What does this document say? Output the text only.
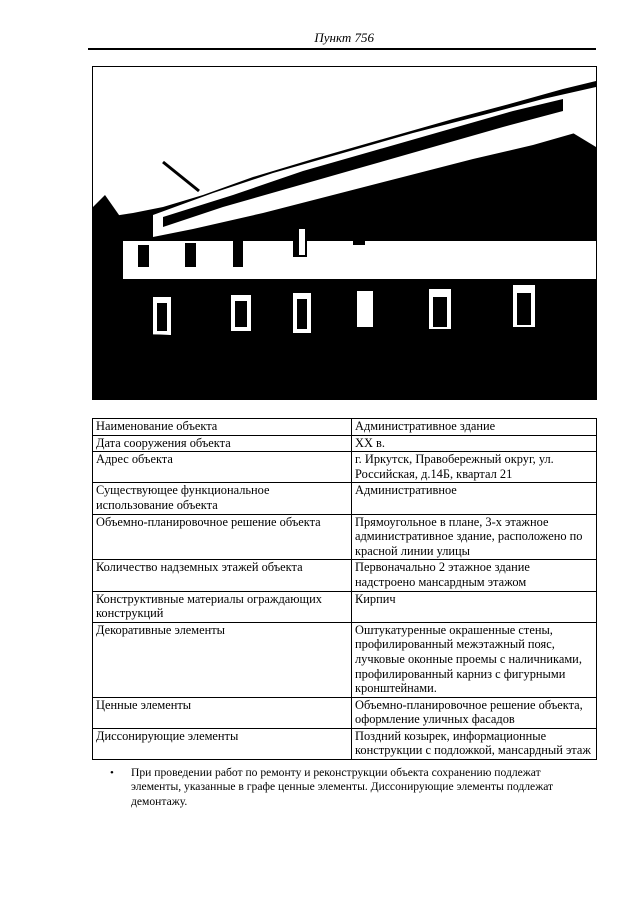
Пункт 756
Наименование объекта	Административное здание
Дата сооружения объекта	XX в.
Адрес объекта	г. Иркутск, Правобережный округ, ул. Российская, д.14Б, квартал 21
Существующее функциональное использование объекта	Административное
Объемно-планировочное решение объекта	Прямоугольное в плане, 3-х этажное административное здание, расположено по красной линии улицы
Количество надземных этажей объекта	Первоначально 2 этажное здание надстроено мансардным этажом
Конструктивные материалы ограждающих конструкций	Кирпич
Декоративные элементы	Оштукатуренные окрашенные стены, профилированный межэтажный пояс, лучковые оконные проемы с наличниками, профилированный карниз с фигурными кронштейнами.
Ценные элементы	Объемно-планировочное решение объекта, оформление уличных фасадов
Диссонирующие элементы	Поздний козырек, информационные конструкции с подложкой, мансардный этаж
• При проведении работ по ремонту и реконструкции объекта сохранению подлежат элементы, указанные в графе ценные элементы. Диссонирующие элементы подлежат демонтажу.
